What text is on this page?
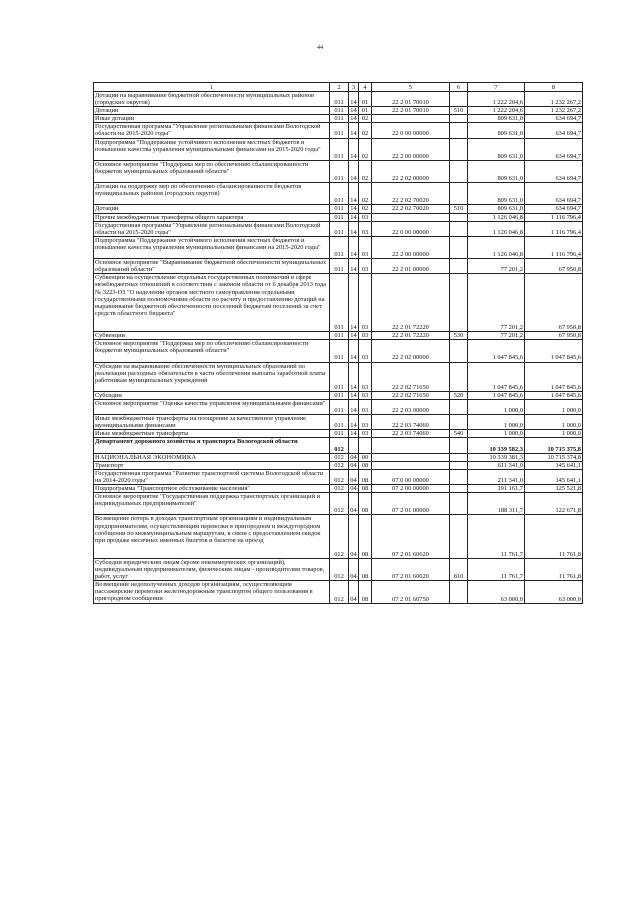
44
1	2	3	4	5	6	7	8
Дотации на выравнивание бюджетной обеспеченности муниципальных районов (городских округов)	011	14	01	22 2 01 70010		1 222 204,6	1 232 267,2
Дотации	011	14	01	22 2 01 70010	510	1 222 204,6	1 232 267,2
Иные дотации	011	14	02			809 631,0	634 694,7
Государственная программа "Управление региональными финансами Вологодской области на 2015-2020 годы"	011	14	02	22 0 00 00000		809 631,0	634 694,7
Подпрограмма "Поддержание устойчивого исполнения местных бюджетов и повышение качества управления муниципальными финансами на 2015-2020 годы"	011	14	02	22 2 00 00000		809 631,0	634 694,7
Основное мероприятие "Поддержка мер по обеспечению сбалансированности бюджетов муниципальных образований области"	011	14	02	22 2 02 00000		809 631,0	634 694,7
Дотации на поддержку мер по обеспечению сбалансированности бюджетов муниципальных районов (городских округов)	011	14	02	22 2 02 70020		809 631,0	634 694,7
Дотации	011	14	02	22 2 02 70020	510	809 631,0	634 694,7
Прочие межбюджетные трансферты общего характера	011	14	03			1 126 046,8	1 116 796,4
Государственная программа "Управление региональными финансами Вологодской области на 2015-2020 годы"	011	14	03	22 0 00 00000		1 126 046,8	1 116 796,4
Подпрограмма "Поддержание устойчивого исполнения местных бюджетов и повышение качества управления муниципальными финансами на 2015-2020 годы"	011	14	03	22 2 00 00000		1 126 046,8	1 116 796,4
Основное мероприятие "Выравнивание бюджетной обеспеченности муниципальных образований области"	011	14	03	22 2 01 00000		77 201,2	67 950,8
Субвенции на осуществление отдельных государственных полномочий в сфере межбюджетных отношений в соответствии с законом области от 6 декабря 2013 года № 3223-ОЗ "О наделении органов местного самоуправления отдельными государственными полномочиями области по расчету и предоставлению дотаций на выравнивание бюджетной обеспеченности поселений бюджетам поселений за счет средств областного бюджета"	011	14	03	22 2 01 72220		77 201,2	67 950,8
Субвенции	011	14	03	22 2 01 72220	530	77 201,2	67 950,8
Основное мероприятие "Поддержка мер по обеспечению сбалансированности бюджетов муниципальных образований области"	011	14	03	22 2 02 00000		1 047 845,6	1 047 845,6
Субсидии на выравнивание обеспеченности муниципальных образований по реализации расходных обязательств в части обеспечения выплаты заработной платы работникам муниципальных учреждений	011	14	03	22 2 02 71650		1 047 845,6	1 047 845,6
Субсидии	011	14	03	22 2 02 71650	520	1 047 845,6	1 047 845,6
Основное мероприятие "Оценка качества управления муниципальными финансами"	011	14	03	22 2 03 00000		1 000,0	1 000,0
Иные межбюджетные трансферты на поощрение за качественное управление муниципальными финансами	011	14	03	22 2 03 74060		1 000,0	1 000,0
Иные межбюджетные трансферты	011	14	03	22 2 03 74060	540	1 000,0	1 000,0
Департамент дорожного хозяйства и транспорта Вологодской области	012					10 339 582,3	10 715 375,8
НАЦИОНАЛЬНАЯ ЭКОНОМИКА	012	04	00			10 339 381,3	10 715 374,8
Транспорт	012	04	08			611 341,0	145 641,1
Государственная программа "Развитие транспортной системы Вологодской области на 2014-2020 годы"	012	04	08	07 0 00 00000		211 341,0	145 641,1
Подпрограмма "Транспортное обслуживание населения"	012	04	08	07 2 00 00000		191 161,7	125 521,8
Основное мероприятие "Государственная поддержка транспортных организаций и индивидуальных предпринимателей"	012	04	08	07 2 01 00000		188 311,7	122 671,8
Возмещение потерь в доходах транспортным организациям и индивидуальным предпринимателям, осуществляющим перевозки в пригородном и междугородном сообщении по межмуниципальным маршрутам, в связи с предоставлением скидок при продаже месячных именных билетов и билетов на проезд	012	04	08	07 2 01 60620		11 761,7	11 761,8
Субсидии юридическим лицам (кроме некоммерческих организаций), индивидуальным предпринимателям, физическим лицам - производителям товаров, работ, услуг	012	04	08	07 2 01 60620	810	11 761,7	11 761,8
Возмещение недополученных доходов организациям, осуществляющим пассажирские перевозки железнодорожным транспортом общего пользования в пригородном сообщении	012	04	08	07 2 01 60750		63 000,0	63 000,0
